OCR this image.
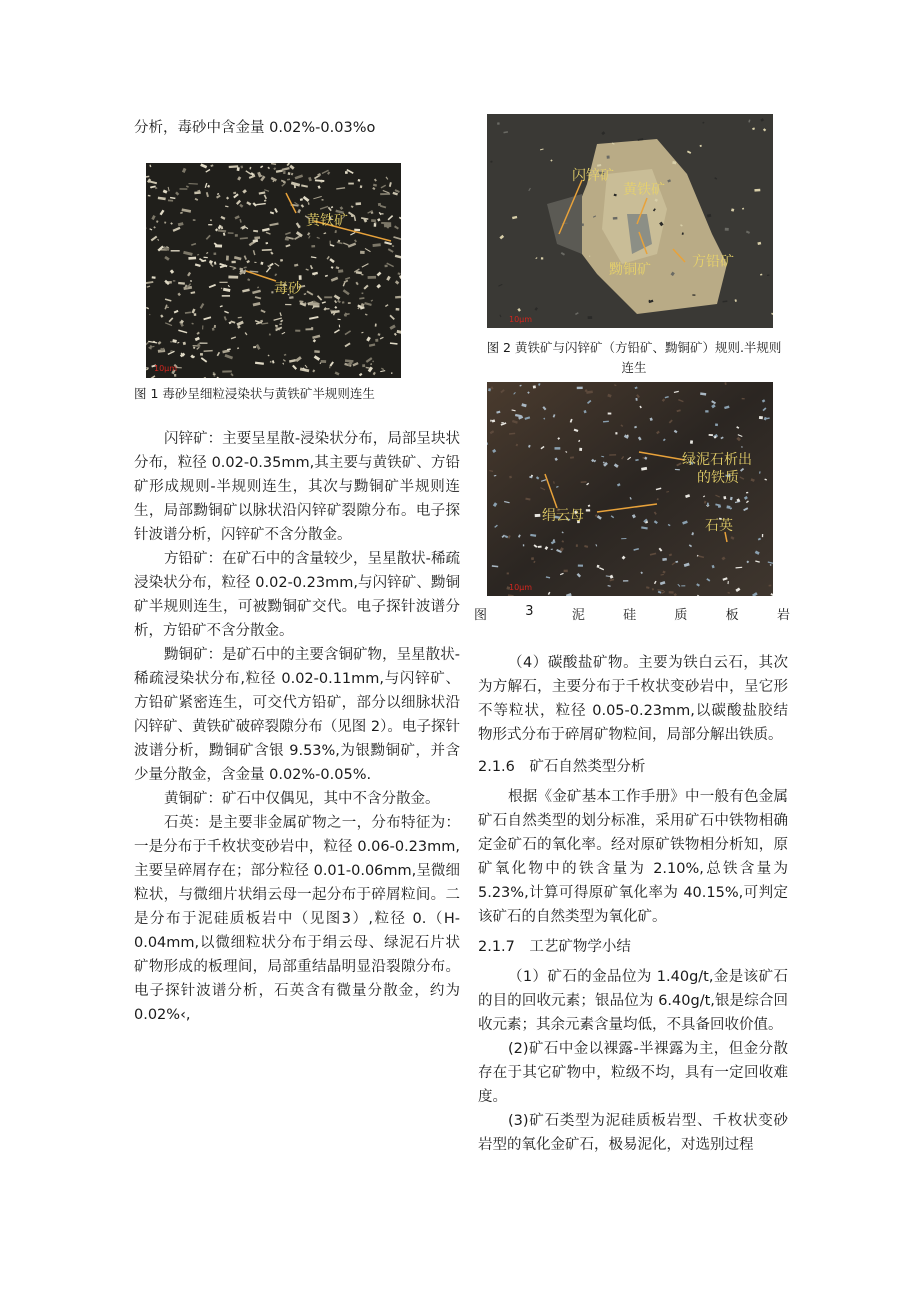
分析，毒砂中含金量 0.02%-0.03%o

黄铁矿
毒砂
10μm
图 1 毒砂呈细粒浸染状与黄铁矿半规则连生

闪锌矿：主要呈星散-浸染状分布，局部呈块状分布，粒径 0.02-0.35mm,其主要与黄铁矿、方铅矿形成规则-半规则连生，其次与黝铜矿半规则连生，局部黝铜矿以脉状沿闪锌矿裂隙分布。电子探针波谱分析，闪锌矿不含分散金。

方铅矿：在矿石中的含量较少，呈星散状-稀疏浸染状分布，粒径 0.02-0.23mm,与闪锌矿、黝铜矿半规则连生，可被黝铜矿交代。电子探针波谱分析，方铅矿不含分散金。

黝铜矿：是矿石中的主要含铜矿物，呈星散状-稀疏浸染状分布,粒径 0.02-0.11mm,与闪锌矿、方铅矿紧密连生，可交代方铅矿，部分以细脉状沿闪锌矿、黄铁矿破碎裂隙分布（见图 2）。电子探针波谱分析，黝铜矿含银 9.53%,为银黝铜矿，并含少量分散金，含金量 0.02%-0.05%.

黄铜矿：矿石中仅偶见，其中不含分散金。

石英：是主要非金属矿物之一，分布特征为：一是分布于千枚状变砂岩中，粒径 0.06-0.23mm,主要呈碎屑存在；部分粒径 0.01-0.06mm,呈微细粒状，与微细片状绢云母一起分布于碎屑粒间。二是分布于泥硅质板岩中（见图3）,粒径 0.（H-0.04mm,以微细粒状分布于绢云母、绿泥石片状矿物形成的板理间，局部重结晶明显沿裂隙分布。电子探针波谱分析，石英含有微量分散金，约为 0.02%‹,

闪锌矿
黄铁矿
黝铜矿	方铅矿
10μm
图 2 黄铁矿与闪锌矿（方铅矿、黝铜矿）规则.半规则
连生
绿泥石析出
的铁质
绢云母
石英
10μm
图	3	泥	硅	质	板	岩

（4）碳酸盐矿物。主要为铁白云石，其次为方解石，主要分布于千枚状变砂岩中，呈它形不等粒状，粒径 0.05-0.23mm,以碳酸盐胶结物形式分布于碎屑矿物粒间，局部分解出铁质。

2.1.6　矿石自然类型分析

根据《金矿基本工作手册》中一般有色金属矿石自然类型的划分标准，采用矿石中铁物相确定金矿石的氧化率。经对原矿铁物相分析知，原矿氧化物中的铁含量为 2.10%,总铁含量为 5.23%,计算可得原矿氧化率为 40.15%,可判定该矿石的自然类型为氧化矿。

2.1.7　工艺矿物学小结

（1）矿石的金品位为 1.40g∕t,金是该矿石的目的回收元素；银品位为 6.40g∕t,银是综合回收元素；其余元素含量均低，不具备回收价值。

(2)矿石中金以裸露-半裸露为主，但金分散存在于其它矿物中，粒级不均，具有一定回收难度。

(3)矿石类型为泥硅质板岩型、千枚状变砂岩型的氧化金矿石，极易泥化，对选别过程
